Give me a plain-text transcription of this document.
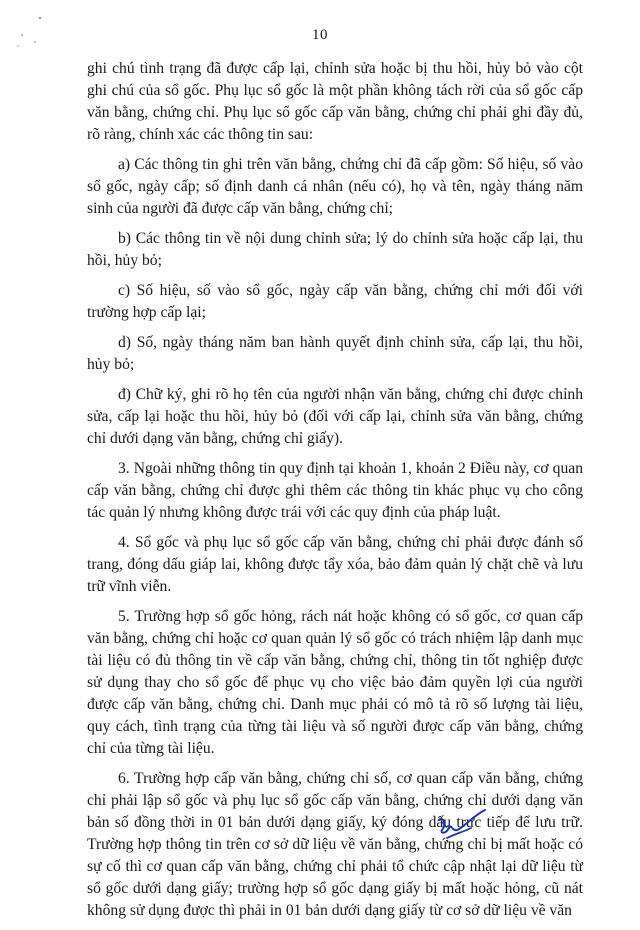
10

ghi chú tình trạng đã được cấp lại, chỉnh sửa hoặc bị thu hồi, hủy bỏ vào cột ghi chú của sổ gốc. Phụ lục sổ gốc là một phần không tách rời của sổ gốc cấp văn bằng, chứng chỉ. Phụ lục sổ gốc cấp văn bằng, chứng chỉ phải ghi đầy đủ, rõ ràng, chính xác các thông tin sau:

a) Các thông tin ghi trên văn bằng, chứng chỉ đã cấp gồm: Số hiệu, số vào sổ gốc, ngày cấp; số định danh cá nhân (nếu có), họ và tên, ngày tháng năm sinh của người đã được cấp văn bằng, chứng chỉ;

b) Các thông tin về nội dung chỉnh sửa; lý do chỉnh sửa hoặc cấp lại, thu hồi, hủy bỏ;

c) Số hiệu, số vào sổ gốc, ngày cấp văn bằng, chứng chỉ mới đối với trường hợp cấp lại;

d) Số, ngày tháng năm ban hành quyết định chỉnh sửa, cấp lại, thu hồi, hủy bỏ;

đ) Chữ ký, ghi rõ họ tên của người nhận văn bằng, chứng chỉ được chỉnh sửa, cấp lại hoặc thu hồi, hủy bỏ (đối với cấp lại, chỉnh sửa văn bằng, chứng chỉ dưới dạng văn bằng, chứng chỉ giấy).

3. Ngoài những thông tin quy định tại khoản 1, khoản 2 Điều này, cơ quan cấp văn bằng, chứng chỉ được ghi thêm các thông tin khác phục vụ cho công tác quản lý nhưng không được trái với các quy định của pháp luật.

4. Sổ gốc và phụ lục sổ gốc cấp văn bằng, chứng chỉ phải được đánh số trang, đóng dấu giáp lai, không được tẩy xóa, bảo đảm quản lý chặt chẽ và lưu trữ vĩnh viễn.

5. Trường hợp sổ gốc hỏng, rách nát hoặc không có sổ gốc, cơ quan cấp văn bằng, chứng chỉ hoặc cơ quan quản lý sổ gốc có trách nhiệm lập danh mục tài liệu có đủ thông tin về cấp văn bằng, chứng chỉ, thông tin tốt nghiệp được sử dụng thay cho sổ gốc để phục vụ cho việc bảo đảm quyền lợi của người được cấp văn bằng, chứng chỉ. Danh mục phải có mô tả rõ số lượng tài liệu, quy cách, tình trạng của từng tài liệu và số người được cấp văn bằng, chứng chỉ của từng tài liệu.

6. Trường hợp cấp văn bằng, chứng chỉ số, cơ quan cấp văn bằng, chứng chỉ phải lập sổ gốc và phụ lục sổ gốc cấp văn bằng, chứng chỉ dưới dạng văn bản số đồng thời in 01 bản dưới dạng giấy, ký đóng dấu trực tiếp để lưu trữ. Trường hợp thông tin trên cơ sở dữ liệu về văn bằng, chứng chỉ bị mất hoặc có sự cố thì cơ quan cấp văn bằng, chứng chỉ phải tổ chức cập nhật lại dữ liệu từ sổ gốc dưới dạng giấy; trường hợp sổ gốc dạng giấy bị mất hoặc hỏng, cũ nát không sử dụng được thì phải in 01 bản dưới dạng giấy từ cơ sở dữ liệu về văn
